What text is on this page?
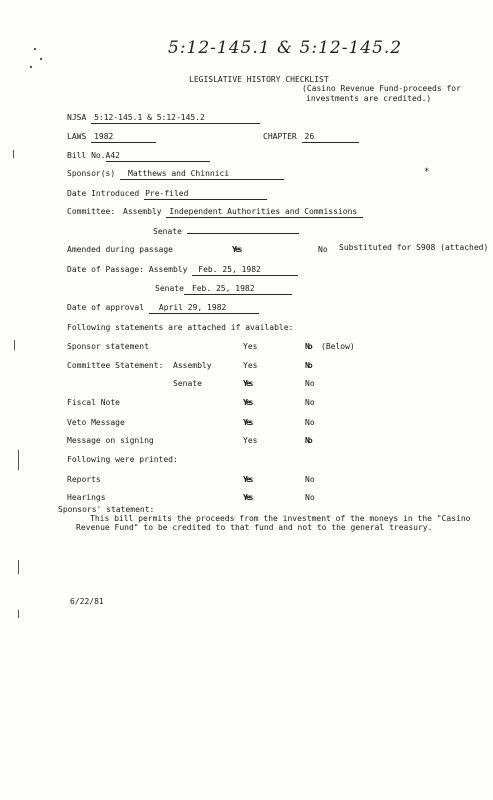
5:12-145.1 & 5:12-145.2
LEGISLATIVE HISTORY CHECKLIST
(Casino Revenue Fund-proceeds for
investments are credited.)
NJSA 5:12-145.1 & 5:12-145.2
LAWS 1982	CHAPTER 26
Bill No.A42
Sponsor(s) Matthews and Chinnici	*
Date Introduced Pre-filed
Committee: Assembly Independent Authorities and Commissions
Senate
Amended during passage	Yes	No Substituted for S908 (attached)
Date of Passage: Assembly Feb. 25, 1982
Senate Feb. 25, 1982
Date of approval April 29, 1982
Following statements are attached if available:
Sponsor statement	Yes	No (Below)
Committee Statement: Assembly	Yes	No
Senate	Yes	No
Fiscal Note	Yes	No
Veto Message	Yes	No
Message on signing	Yes	No
Following were printed:
Reports	Yes	No
Hearings	Yes	No
Sponsors' statement:
This bill permits the proceeds from the investment of the moneys in the "Casino
Revenue Fund" to be credited to that fund and not to the general treasury.
6/22/81
